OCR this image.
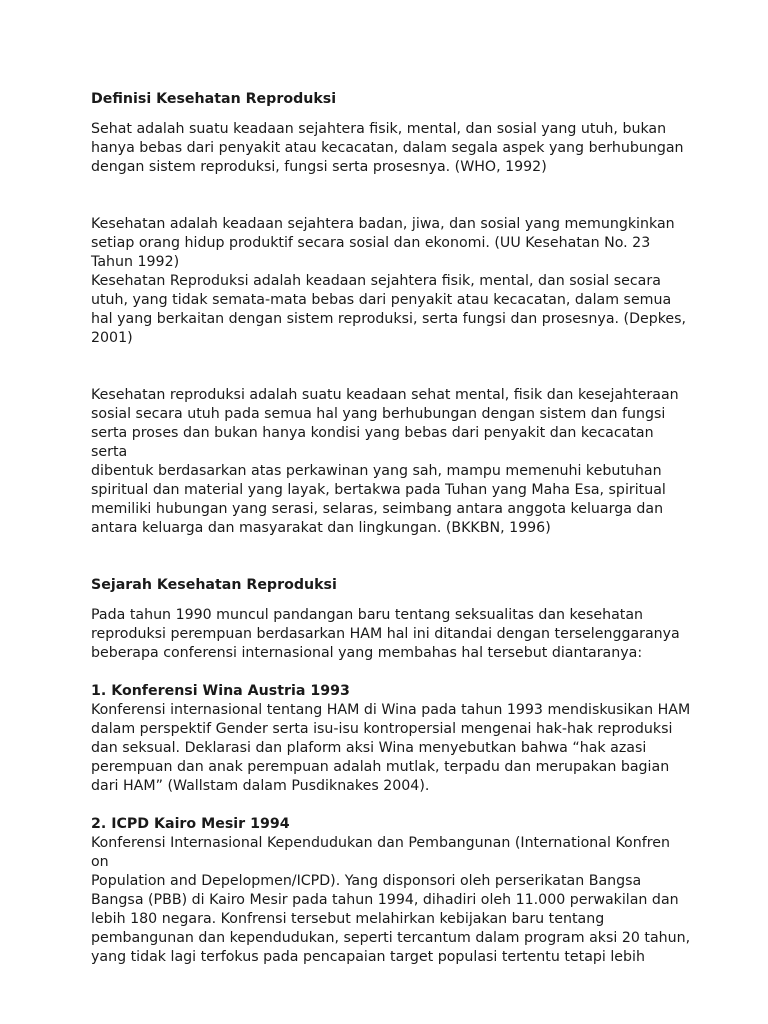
Definisi Kesehatan Reproduksi

Sehat adalah suatu keadaan sejahtera fisik, mental, dan sosial yang utuh, bukan
hanya bebas dari penyakit atau kecacatan, dalam segala aspek yang berhubungan
dengan sistem reproduksi, fungsi serta prosesnya. (WHO, 1992)

Kesehatan adalah keadaan sejahtera badan, jiwa, dan sosial yang memungkinkan
setiap orang hidup produktif secara sosial dan ekonomi. (UU Kesehatan No. 23
Tahun 1992)
Kesehatan Reproduksi adalah keadaan sejahtera fisik, mental, dan sosial secara
utuh, yang tidak semata-mata bebas dari penyakit atau kecacatan, dalam semua
hal yang berkaitan dengan sistem reproduksi, serta fungsi dan prosesnya. (Depkes,
2001)

Kesehatan reproduksi adalah suatu keadaan sehat mental, fisik dan kesejahteraan
sosial secara utuh pada semua hal yang berhubungan dengan sistem dan fungsi
serta proses dan bukan hanya kondisi yang bebas dari penyakit dan kecacatan serta
dibentuk berdasarkan atas perkawinan yang sah, mampu memenuhi kebutuhan
spiritual dan material yang layak, bertakwa pada Tuhan yang Maha Esa, spiritual
memiliki hubungan yang serasi, selaras, seimbang antara anggota keluarga dan
antara keluarga dan masyarakat dan lingkungan. (BKKBN, 1996)

Sejarah Kesehatan Reproduksi

Pada tahun 1990 muncul pandangan baru tentang seksualitas dan kesehatan
reproduksi perempuan berdasarkan HAM hal ini ditandai dengan terselenggaranya
beberapa conferensi internasional yang membahas hal tersebut diantaranya:

1. Konferensi Wina Austria 1993

Konferensi internasional tentang HAM di Wina pada tahun 1993 mendiskusikan HAM
dalam perspektif Gender serta isu-isu kontropersial mengenai hak-hak reproduksi
dan seksual. Deklarasi dan plaform aksi Wina menyebutkan bahwa “hak azasi
perempuan dan anak perempuan adalah mutlak, terpadu dan merupakan bagian
dari HAM” (Wallstam dalam Pusdiknakes 2004).

2. ICPD Kairo Mesir 1994

Konferensi Internasional Kependudukan dan Pembangunan (International Konfren on
Population and Depelopmen/ICPD). Yang disponsori oleh perserikatan Bangsa
Bangsa (PBB) di Kairo Mesir pada tahun 1994, dihadiri oleh 11.000 perwakilan dan
lebih 180 negara. Konfrensi tersebut melahirkan kebijakan baru tentang
pembangunan dan kependudukan, seperti tercantum dalam program aksi 20 tahun,
yang tidak lagi terfokus pada pencapaian target populasi tertentu tetapi lebih
